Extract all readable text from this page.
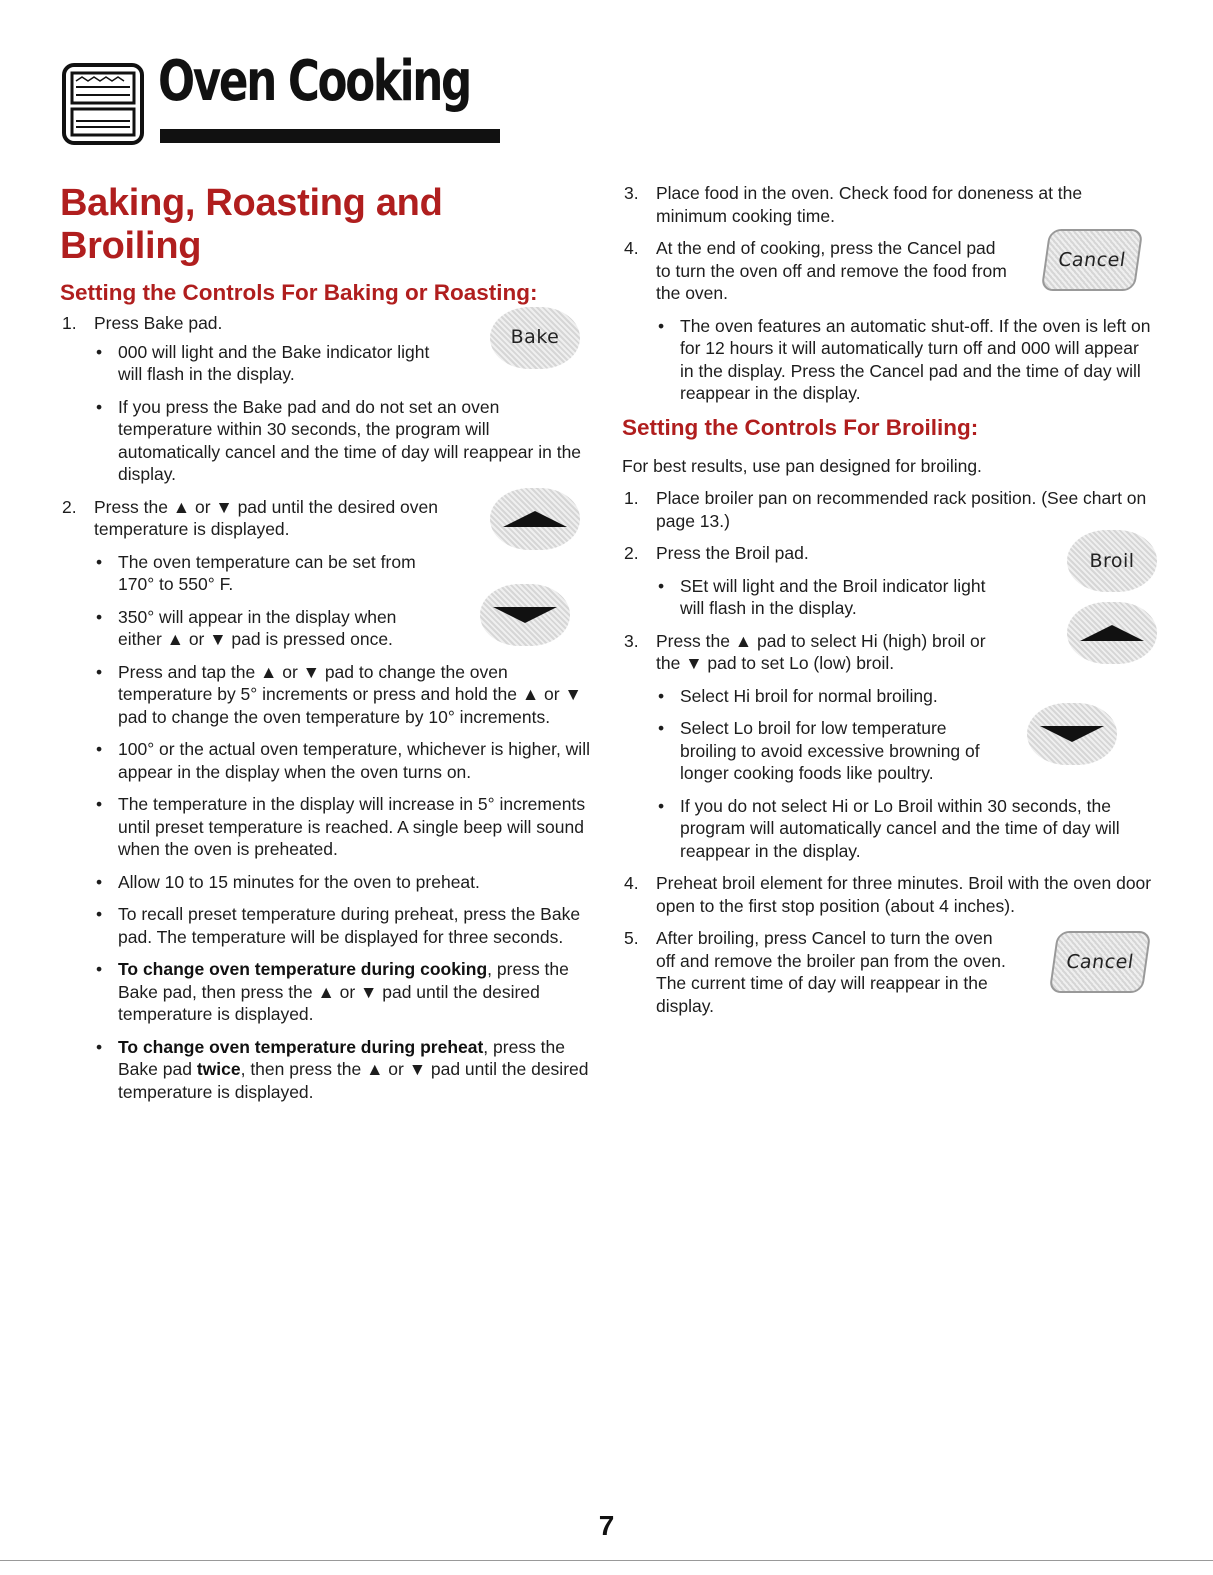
Oven Cooking
Baking, Roasting and Broiling
Setting the Controls For Baking or Roasting:
1. Press Bake pad.
• 000 will light and the Bake indicator light will flash in the display.
Bake
• If you press the Bake pad and do not set an oven temperature within 30 seconds, the program will automatically cancel and the time of day will reappear in the display.
2. Press the ▲ or ▼ pad until the desired oven temperature is displayed.
• The oven temperature can be set from 170° to 550° F.
• 350° will appear in the display when either ▲ or ▼ pad is pressed once.
• Press and tap the ▲ or ▼ pad to change the oven temperature by 5° increments or press and hold the ▲ or ▼ pad to change the oven temperature by 10° increments.
• 100° or the actual oven temperature, whichever is higher, will appear in the display when the oven turns on.
• The temperature in the display will increase in 5° increments until preset temperature is reached. A single beep will sound when the oven is preheated.
• Allow 10 to 15 minutes for the oven to preheat.
• To recall preset temperature during preheat, press the Bake pad. The temperature will be displayed for three seconds.
• To change oven temperature during cooking, press the Bake pad, then press the ▲ or ▼ pad until the desired temperature is displayed.
• To change oven temperature during preheat, press the Bake pad twice, then press the ▲ or ▼ pad until the desired temperature is displayed.
3. Place food in the oven. Check food for doneness at the minimum cooking time.
4. At the end of cooking, press the Cancel pad to turn the oven off and remove the food from the oven.
Cancel
• The oven features an automatic shut-off. If the oven is left on for 12 hours it will automatically turn off and 000 will appear in the display. Press the Cancel pad and the time of day will reappear in the display.
Setting the Controls For Broiling:
For best results, use pan designed for broiling.
1. Place broiler pan on recommended rack position. (See chart on page 13.)
2. Press the Broil pad.	Broil
• SEt will light and the Broil indicator light will flash in the display.
3. Press the ▲ pad to select Hi (high) broil or the ▼ pad to set Lo (low) broil.
• Select Hi broil for normal broiling.
• Select Lo broil for low temperature broiling to avoid excessive browning of longer cooking foods like poultry.
• If you do not select Hi or Lo Broil within 30 seconds, the program will automatically cancel and the time of day will reappear in the display.
4. Preheat broil element for three minutes. Broil with the oven door open to the first stop position (about 4 inches).
5. After broiling, press Cancel to turn the oven off and remove the broiler pan from the oven. The current time of day will reappear in the display.
Cancel
7
